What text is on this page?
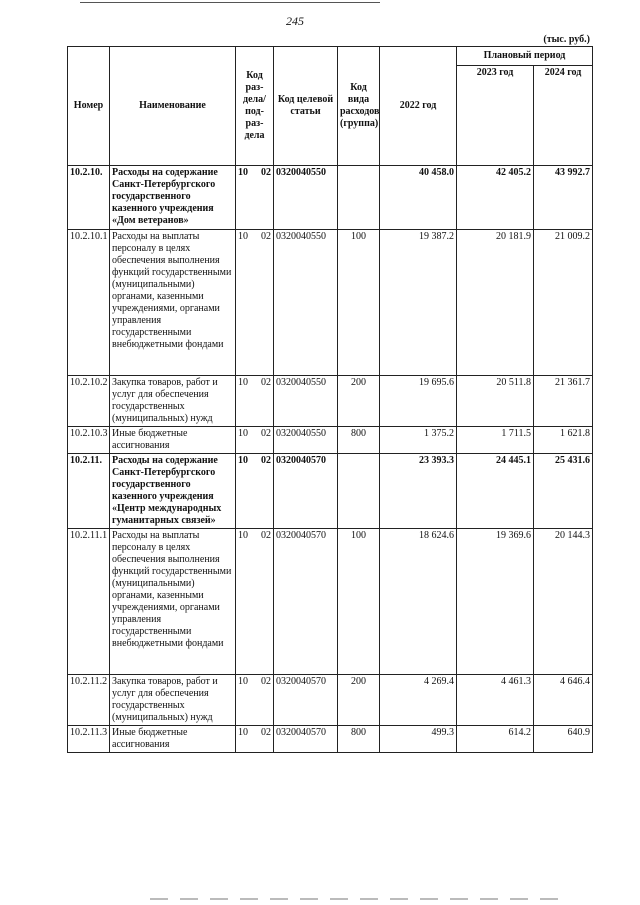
245
(тыс. руб.)
Номер	Наименование	Код раз-дела/ под-раз-дела	Код целевой статьи	Код вида расходов (группа)	2022 год	Плановый период	
						2023 год	2024 год
10.2.10.	Расходы на содержание Санкт-Петербургского государственного казенного учреждения «Дом ветеранов»	10 02	0320040550		40 458.0	42 405.2	43 992.7
10.2.10.1	Расходы на выплаты персоналу в целях обеспечения выполнения функций государственными (муниципальными) органами, казенными учреждениями, органами управления государственными внебюджетными фондами	10 02	0320040550	100	19 387.2	20 181.9	21 009.2
10.2.10.2	Закупка товаров, работ и услуг для обеспечения государственных (муниципальных) нужд	10 02	0320040550	200	19 695.6	20 511.8	21 361.7
10.2.10.3	Иные бюджетные ассигнования	10 02	0320040550	800	1 375.2	1 711.5	1 621.8
10.2.11.	Расходы на содержание Санкт-Петербургского государственного казенного учреждения «Центр международных гуманитарных связей»	10 02	0320040570		23 393.3	24 445.1	25 431.6
10.2.11.1	Расходы на выплаты персоналу в целях обеспечения выполнения функций государственными (муниципальными) органами, казенными учреждениями, органами управления государственными внебюджетными фондами	10 02	0320040570	100	18 624.6	19 369.6	20 144.3
10.2.11.2	Закупка товаров, работ и услуг для обеспечения государственных (муниципальных) нужд	10 02	0320040570	200	4 269.4	4 461.3	4 646.4
10.2.11.3	Иные бюджетные ассигнования	10 02	0320040570	800	499.3	614.2	640.9
